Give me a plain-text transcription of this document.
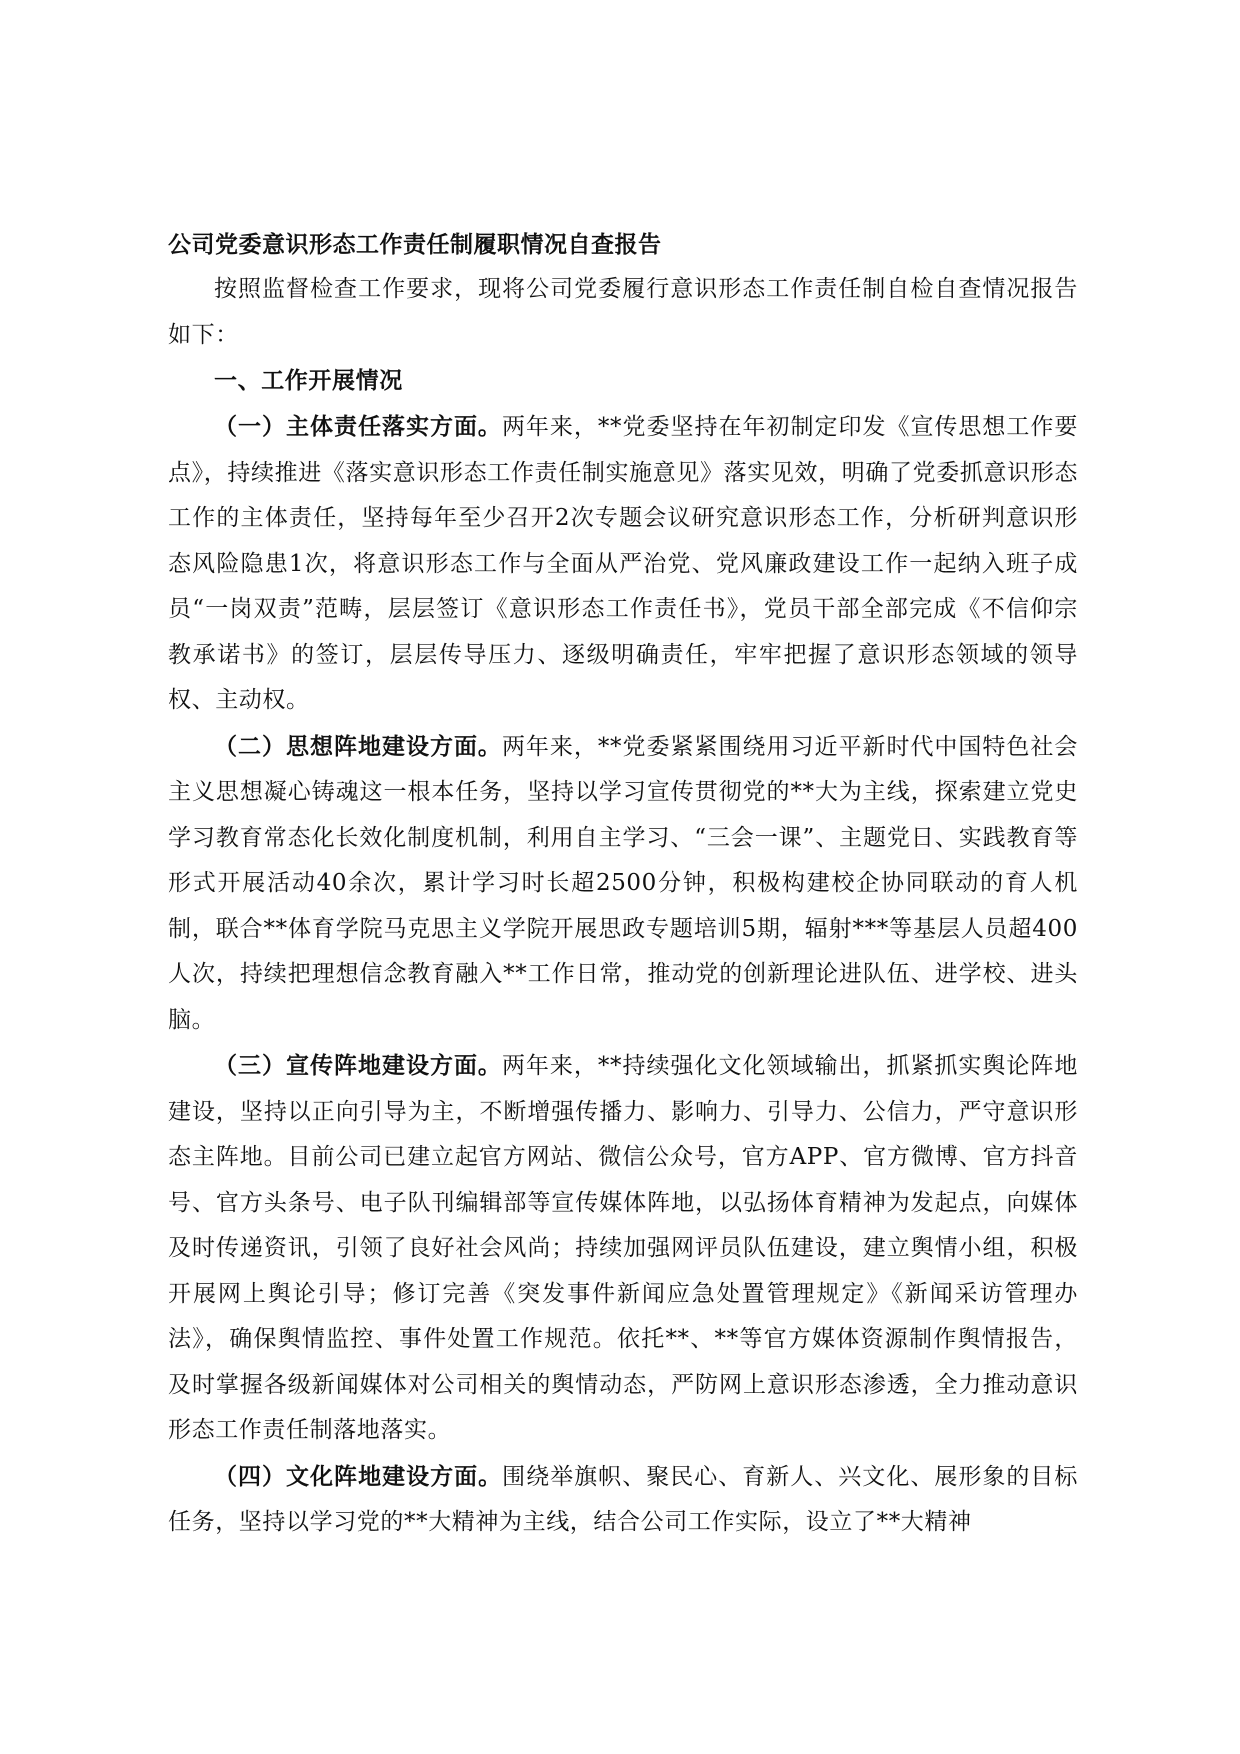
公司党委意识形态工作责任制履职情况自查报告

按照监督检查工作要求，现将公司党委履行意识形态工作责任制自检自查情况报告如下：

一、工作开展情况

（一）主体责任落实方面。两年来，**党委坚持在年初制定印发《宣传思想工作要点》，持续推进《落实意识形态工作责任制实施意见》落实见效，明确了党委抓意识形态工作的主体责任，坚持每年至少召开2次专题会议研究意识形态工作，分析研判意识形态风险隐患1次，将意识形态工作与全面从严治党、党风廉政建设工作一起纳入班子成员“一岗双责”范畴，层层签订《意识形态工作责任书》，党员干部全部完成《不信仰宗教承诺书》的签订，层层传导压力、逐级明确责任，牢牢把握了意识形态领域的领导权、主动权。

（二）思想阵地建设方面。两年来，**党委紧紧围绕用习近平新时代中国特色社会主义思想凝心铸魂这一根本任务，坚持以学习宣传贯彻党的**大为主线，探索建立党史学习教育常态化长效化制度机制，利用自主学习、“三会一课”、主题党日、实践教育等形式开展活动40余次，累计学习时长超2500分钟，积极构建校企协同联动的育人机制，联合**体育学院马克思主义学院开展思政专题培训5期，辐射***等基层人员超400人次，持续把理想信念教育融入**工作日常，推动党的创新理论进队伍、进学校、进头脑。

（三）宣传阵地建设方面。两年来，**持续强化文化领域输出，抓紧抓实舆论阵地建设，坚持以正向引导为主，不断增强传播力、影响力、引导力、公信力，严守意识形态主阵地。目前公司已建立起官方网站、微信公众号，官方APP、官方微博、官方抖音号、官方头条号、电子队刊编辑部等宣传媒体阵地，以弘扬体育精神为发起点，向媒体及时传递资讯，引领了良好社会风尚；持续加强网评员队伍建设，建立舆情小组，积极开展网上舆论引导；修订完善《突发事件新闻应急处置管理规定》《新闻采访管理办法》，确保舆情监控、事件处置工作规范。依托**、**等官方媒体资源制作舆情报告，及时掌握各级新闻媒体对公司相关的舆情动态，严防网上意识形态渗透，全力推动意识形态工作责任制落地落实。

（四）文化阵地建设方面。围绕举旗帜、聚民心、育新人、兴文化、展形象的目标任务，坚持以学习党的**大精神为主线，结合公司工作实际，设立了**大精神
